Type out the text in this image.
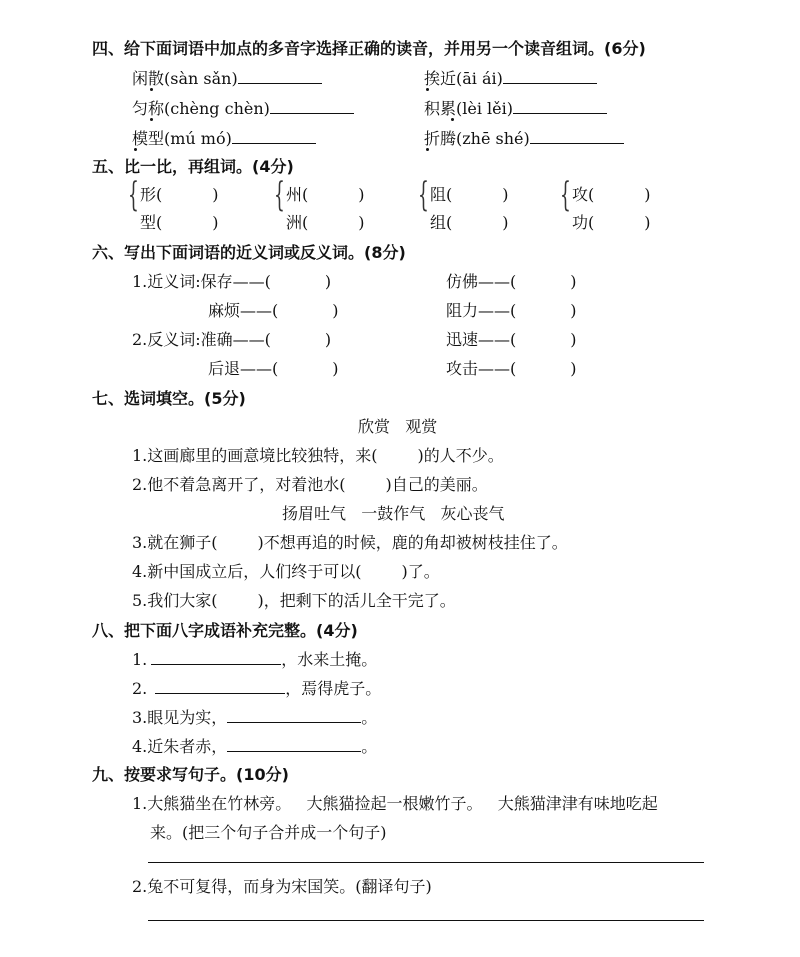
四、给下面词语中加点的多音字选择正确的读音，并用另一个读音组词。(6分)
闲散(sàn sǎn)	挨近(āi ái)
匀称(chèng chèn)	积累(lèi lěi)
模型(mú mó)	折腾(zhē shé)
五、比一比，再组词。(4分)
{ 形(	)
型(	)
{ 州(	)
洲(	)
{ 阻(	)
组(	)
{ 攻(	)
功(	)
六、写出下面词语的近义词或反义词。(8分)
1.近义词:保存——(	)	仿佛——(	)
麻烦——(	)	阻力——(	)
2.反义词:准确——(	)	迅速——(	)
后退——(	)	攻击——(	)
七、选词填空。(5分)
欣赏   观赏
1.这画廊里的画意境比较独特，来(	)的人不少。
2.他不着急离开了，对着池水(	)自己的美丽。
扬眉吐气   一鼓作气   灰心丧气
3.就在狮子(	)不想再追的时候，鹿的角却被树枝挂住了。
4.新中国成立后，人们终于可以(	)了。
5.我们大家(	)，把剩下的活儿全干完了。
八、把下面八字成语补充完整。(4分)
1.	，水来土掩。
2.	，焉得虎子。
3.眼见为实，	。
4.近朱者赤，	。
九、按要求写句子。(10分)
1.大熊猫坐在竹林旁。   大熊猫捡起一根嫩竹子。   大熊猫津津有味地吃起
来。(把三个句子合并成一个句子)
2.兔不可复得，而身为宋国笑。(翻译句子)
